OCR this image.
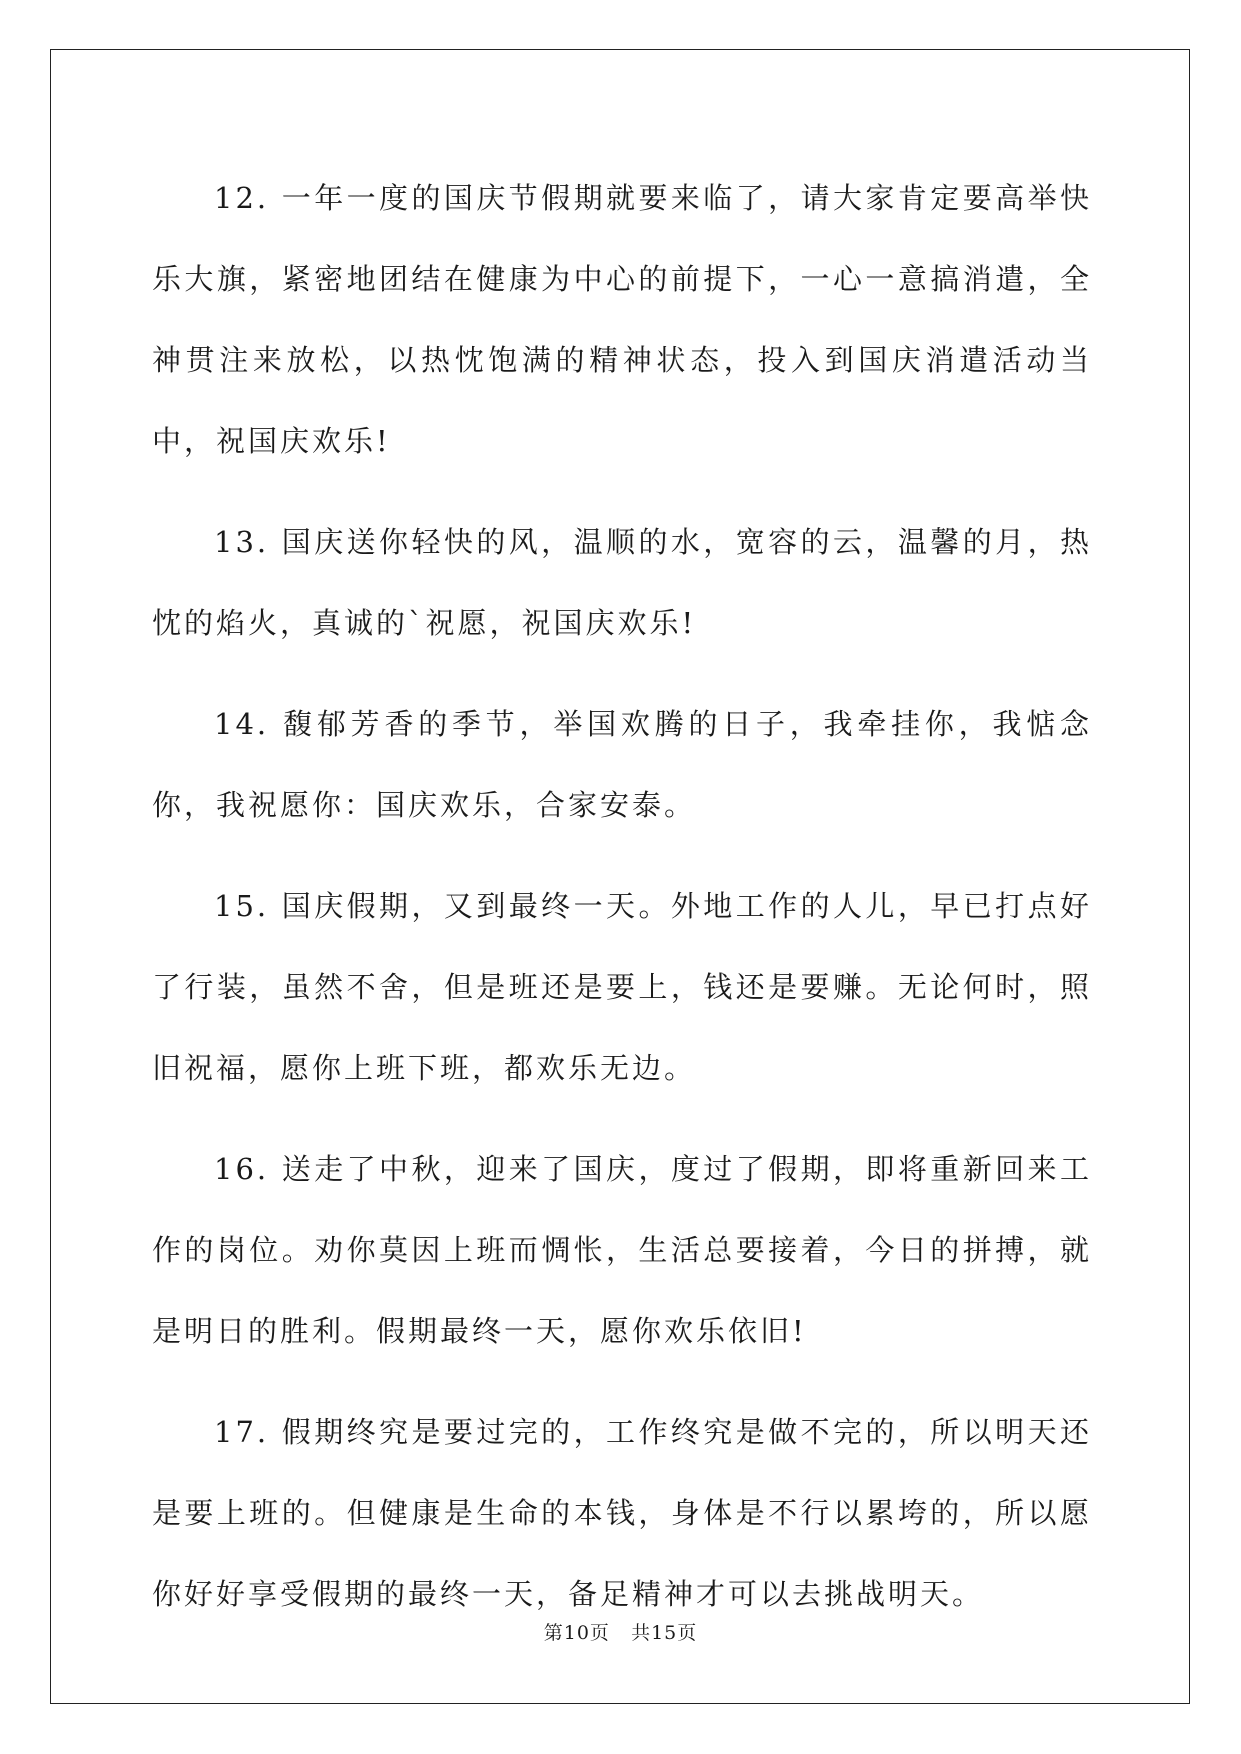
12. 一年一度的国庆节假期就要来临了，请大家肯定要高举快乐大旗，紧密地团结在健康为中心的前提下，一心一意搞消遣，全神贯注来放松，以热忱饱满的精神状态，投入到国庆消遣活动当中，祝国庆欢乐!

13. 国庆送你轻快的风，温顺的水，宽容的云，温馨的月，热忱的焰火，真诚的`祝愿，祝国庆欢乐!

14. 馥郁芳香的季节，举国欢腾的日子，我牵挂你，我惦念你，我祝愿你：国庆欢乐，合家安泰。

15. 国庆假期，又到最终一天。外地工作的人儿，早已打点好了行装，虽然不舍，但是班还是要上，钱还是要赚。无论何时，照旧祝福，愿你上班下班，都欢乐无边。

16. 送走了中秋，迎来了国庆，度过了假期，即将重新回来工作的岗位。劝你莫因上班而惆怅，生活总要接着，今日的拼搏，就是明日的胜利。假期最终一天，愿你欢乐依旧!

17. 假期终究是要过完的，工作终究是做不完的，所以明天还是要上班的。但健康是生命的本钱，身体是不行以累垮的，所以愿你好好享受假期的最终一天，备足精神才可以去挑战明天。

第10页 共15页
